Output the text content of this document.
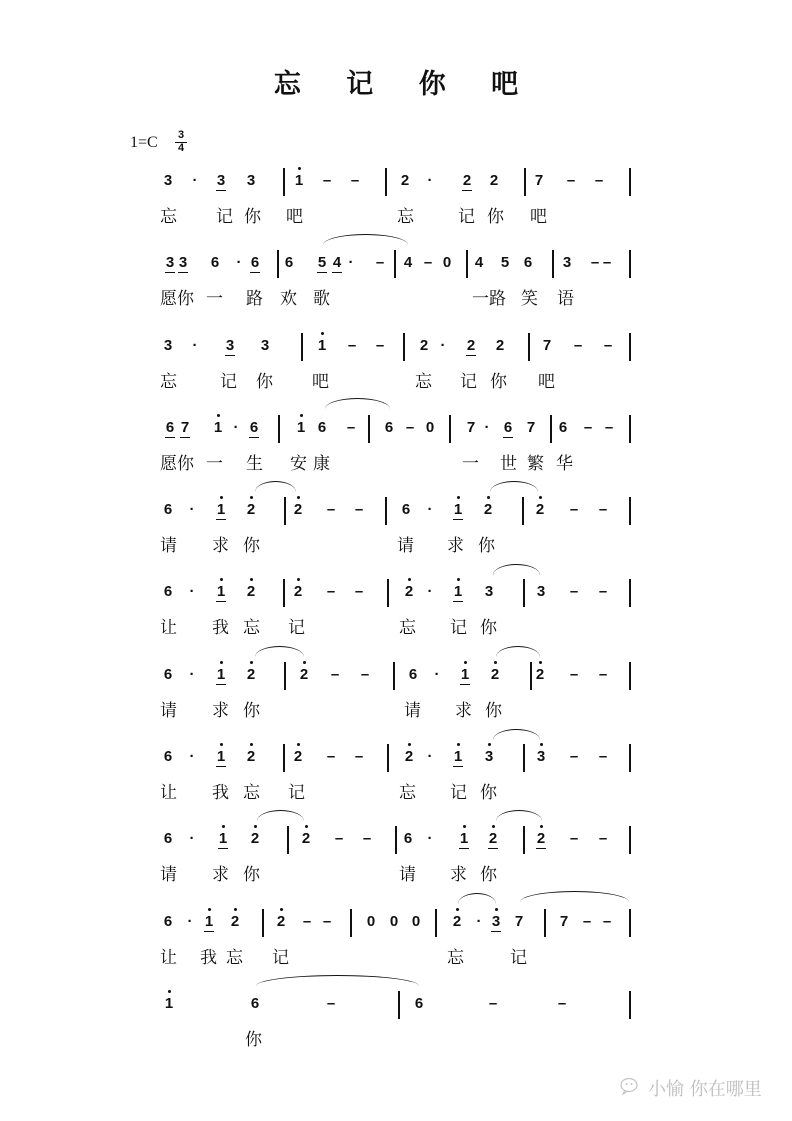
忘 记 你 吧
$1=C \frac{3}{4}$
3 · 3 3	1 – –	2 · 2 2 7 – –
忘 记 你 吧	忘	记 你 吧
3 3 6 · 6 6 5 4 · – 4 – 0 4 5 6 3 – –
愿你 一 路 欢 歌	一路 笑 语
3 · 3 3	1 – – 2 · 2 2	7 – –
忘	记 你 吧	忘 记 你 吧
6 7 1 · 6	1 6 – 6 – 0 7 · 6 7 6 – –
愿你 一 生 安 康	一 世 繁 华
6 · 1 2	2 – –	6 · 1 2	2 – –
请 求 你	请 求 你
6 · 1 2	2 – –	2 · 1 3	3 – –
让 我 忘 记	忘 记 你
6 · 1 2	2 – –	6 · 1 2 2 – –
请 求 你	请 求 你
6 · 1 2	2 – –	2 · 1 3	3 – –
让 我 忘 记	忘 记 你
6 · 1 2	2 – – 6 · 1 2	2 – –
请 求 你	请 求 你
6 · 1 2	2 – – 0 0 0 2 · 3 7 7 – –
让 我 忘 记	忘	记
1	6	–	6	–	–
你
小愉 你在哪里
